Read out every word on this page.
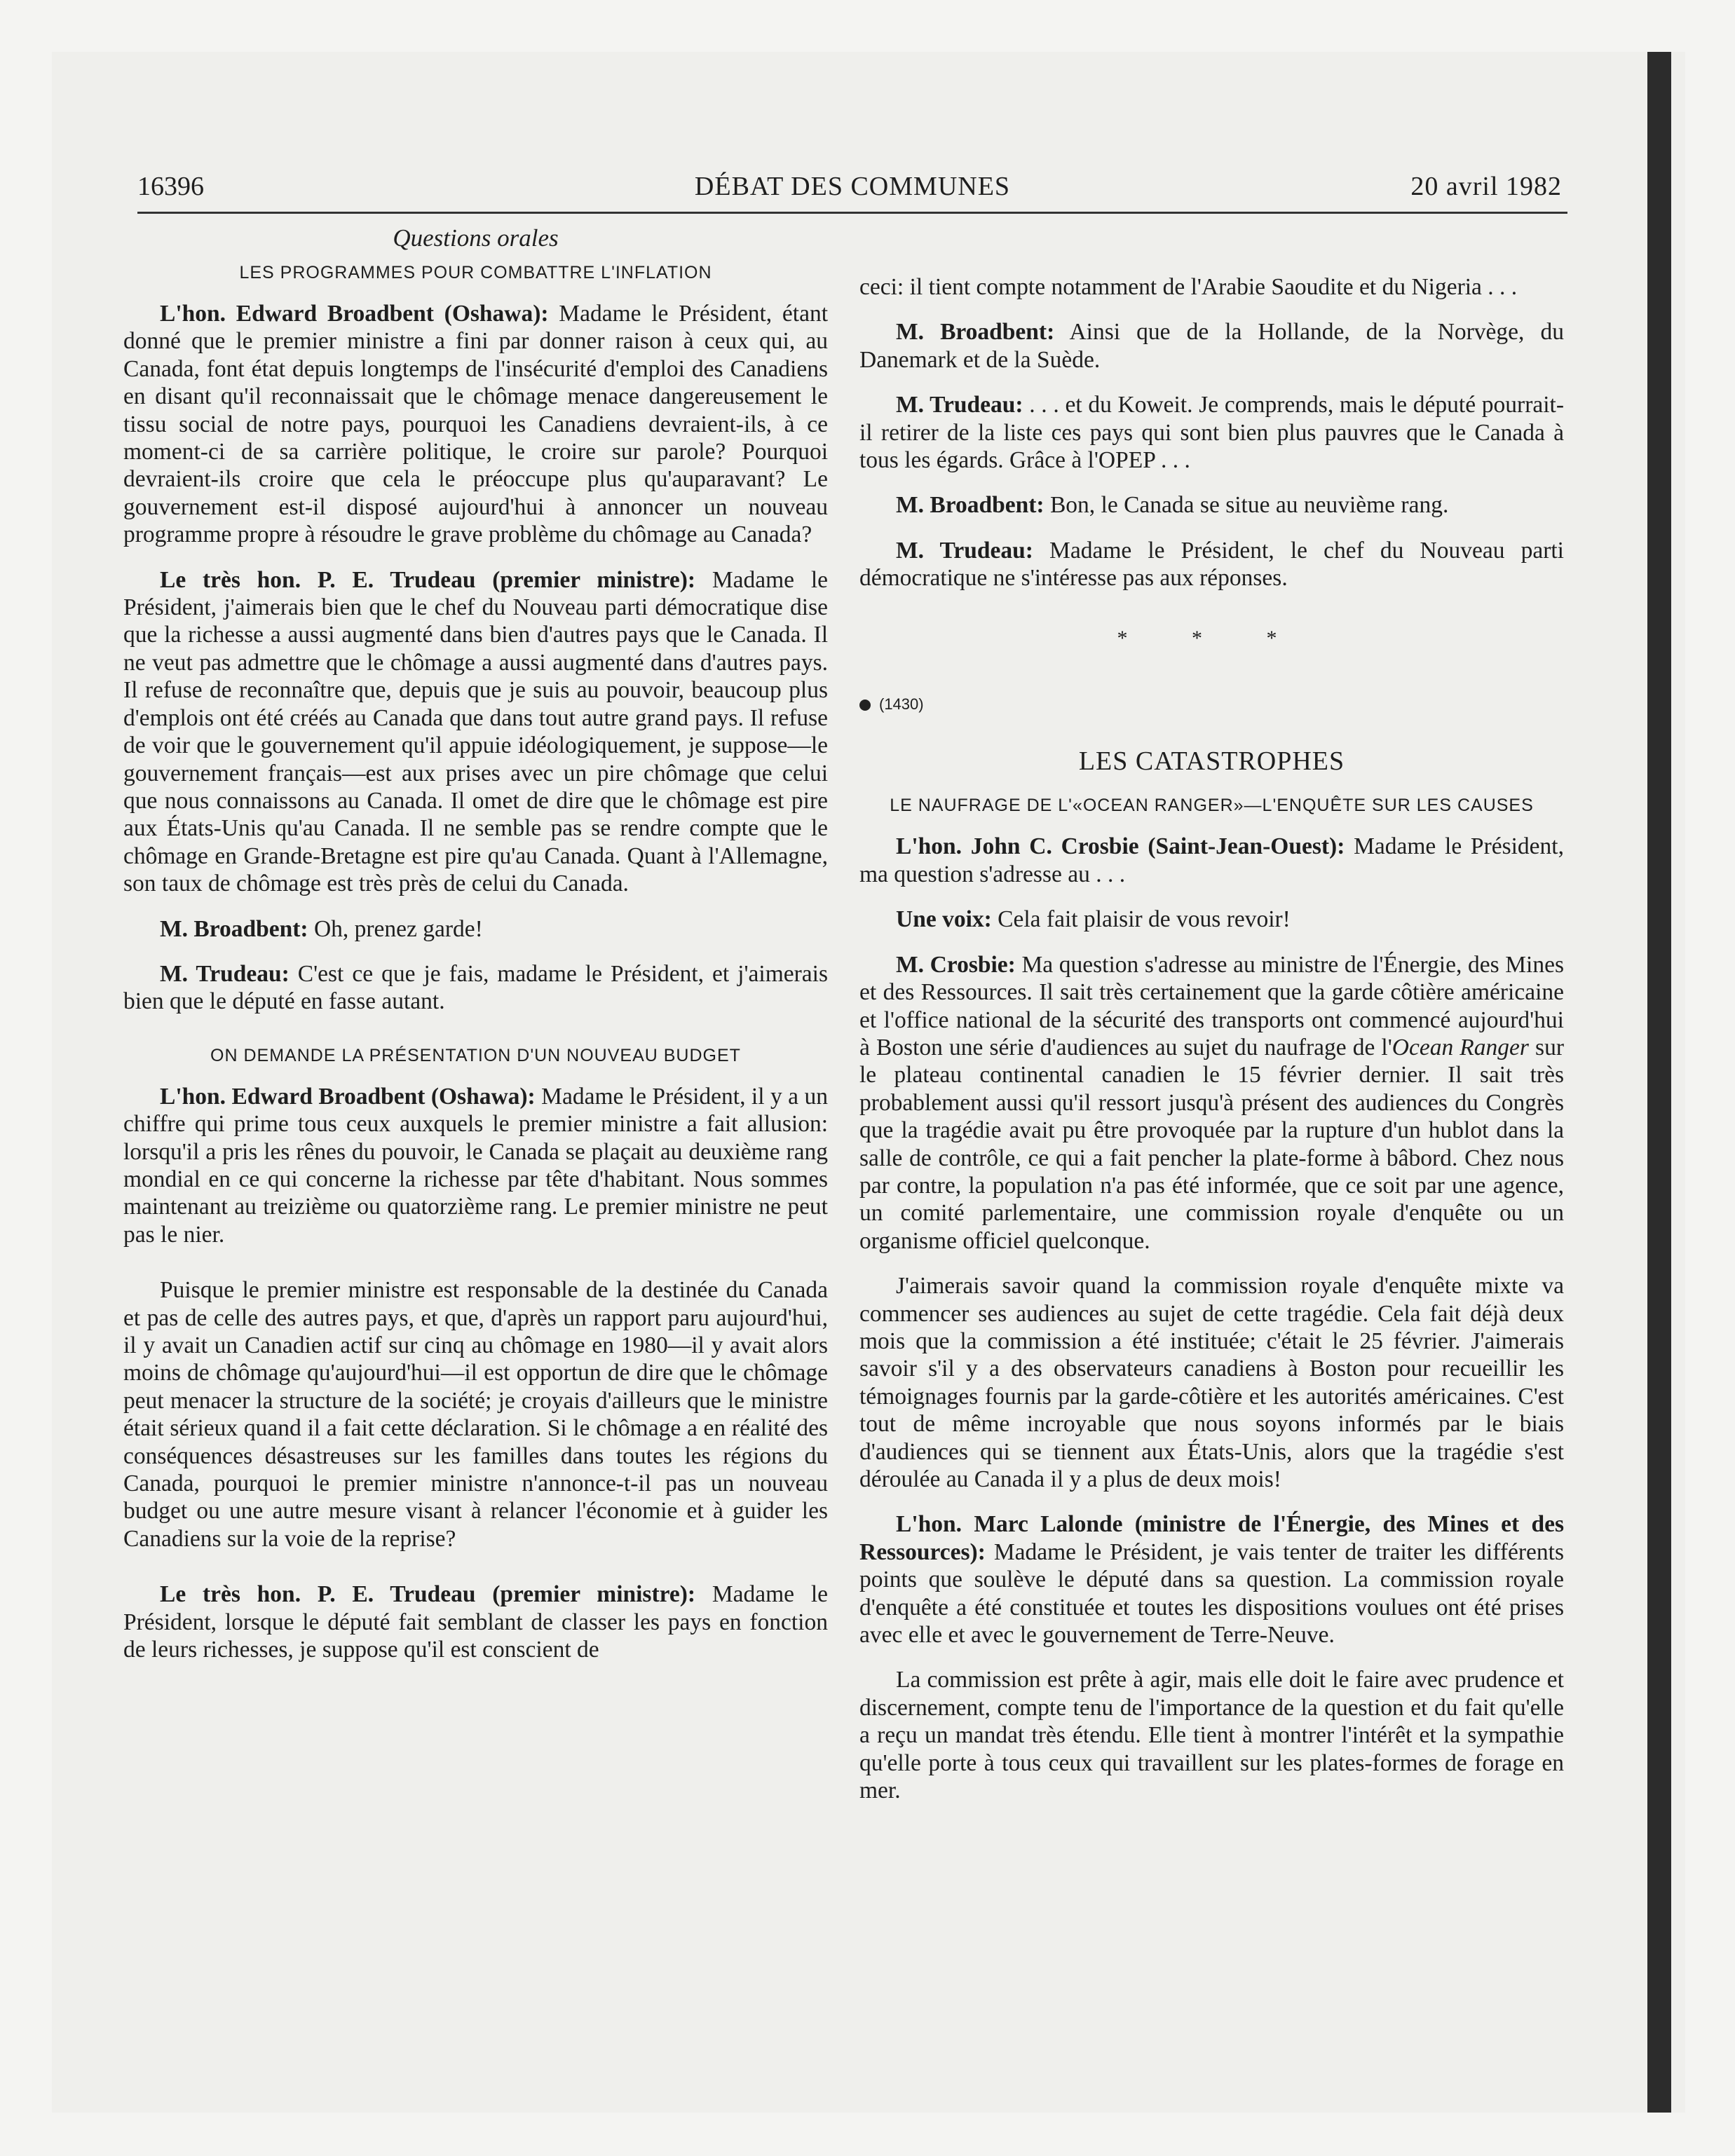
16396	DÉBAT DES COMMUNES	20 avril 1982
Questions orales
LES PROGRAMMES POUR COMBATTRE L'INFLATION

L'hon. Edward Broadbent (Oshawa): Madame le Président, étant donné que le premier ministre a fini par donner raison à ceux qui, au Canada, font état depuis longtemps de l'insécurité d'emploi des Canadiens en disant qu'il reconnaissait que le chômage menace dangereusement le tissu social de notre pays, pourquoi les Canadiens devraient-ils, à ce moment-ci de sa carrière politique, le croire sur parole? Pourquoi devraient-ils croire que cela le préoccupe plus qu'auparavant? Le gouvernement est-il disposé aujourd'hui à annoncer un nouveau programme propre à résoudre le grave problème du chômage au Canada?

Le très hon. P. E. Trudeau (premier ministre): Madame le Président, j'aimerais bien que le chef du Nouveau parti démocratique dise que la richesse a aussi augmenté dans bien d'autres pays que le Canada. Il ne veut pas admettre que le chômage a aussi augmenté dans d'autres pays. Il refuse de reconnaître que, depuis que je suis au pouvoir, beaucoup plus d'emplois ont été créés au Canada que dans tout autre grand pays. Il refuse de voir que le gouvernement qu'il appuie idéologiquement, je suppose—le gouvernement français—est aux prises avec un pire chômage que celui que nous connaissons au Canada. Il omet de dire que le chômage est pire aux États-Unis qu'au Canada. Il ne semble pas se rendre compte que le chômage en Grande-Bretagne est pire qu'au Canada. Quant à l'Allemagne, son taux de chômage est très près de celui du Canada.

M. Broadbent: Oh, prenez garde!

M. Trudeau: C'est ce que je fais, madame le Président, et j'aimerais bien que le député en fasse autant.

ON DEMANDE LA PRÉSENTATION D'UN NOUVEAU BUDGET

L'hon. Edward Broadbent (Oshawa): Madame le Président, il y a un chiffre qui prime tous ceux auxquels le premier ministre a fait allusion: lorsqu'il a pris les rênes du pouvoir, le Canada se plaçait au deuxième rang mondial en ce qui concerne la richesse par tête d'habitant. Nous sommes maintenant au treizième ou quatorzième rang. Le premier ministre ne peut pas le nier.

Puisque le premier ministre est responsable de la destinée du Canada et pas de celle des autres pays, et que, d'après un rapport paru aujourd'hui, il y avait un Canadien actif sur cinq au chômage en 1980—il y avait alors moins de chômage qu'aujourd'hui—il est opportun de dire que le chômage peut menacer la structure de la société; je croyais d'ailleurs que le ministre était sérieux quand il a fait cette déclaration. Si le chômage a en réalité des conséquences désastreuses sur les familles dans toutes les régions du Canada, pourquoi le premier ministre n'annonce-t-il pas un nouveau budget ou une autre mesure visant à relancer l'économie et à guider les Canadiens sur la voie de la reprise?

Le très hon. P. E. Trudeau (premier ministre): Madame le Président, lorsque le député fait semblant de classer les pays en fonction de leurs richesses, je suppose qu'il est conscient de

ceci: il tient compte notamment de l'Arabie Saoudite et du Nigeria . . .

M. Broadbent: Ainsi que de la Hollande, de la Norvège, du Danemark et de la Suède.

M. Trudeau: . . . et du Koweit. Je comprends, mais le député pourrait-il retirer de la liste ces pays qui sont bien plus pauvres que le Canada à tous les égards. Grâce à l'OPEP . . .

M. Broadbent: Bon, le Canada se situe au neuvième rang.

M. Trudeau: Madame le Président, le chef du Nouveau parti démocratique ne s'intéresse pas aux réponses.

* * *
(1430)
LES CATASTROPHES
LE NAUFRAGE DE L'«OCEAN RANGER»—L'ENQUÊTE SUR LES CAUSES

L'hon. John C. Crosbie (Saint-Jean-Ouest): Madame le Président, ma question s'adresse au . . .

Une voix: Cela fait plaisir de vous revoir!

M. Crosbie: Ma question s'adresse au ministre de l'Énergie, des Mines et des Ressources. Il sait très certainement que la garde côtière américaine et l'office national de la sécurité des transports ont commencé aujourd'hui à Boston une série d'audiences au sujet du naufrage de l'Ocean Ranger sur le plateau continental canadien le 15 février dernier. Il sait très probablement aussi qu'il ressort jusqu'à présent des audiences du Congrès que la tragédie avait pu être provoquée par la rupture d'un hublot dans la salle de contrôle, ce qui a fait pencher la plate-forme à bâbord. Chez nous par contre, la population n'a pas été informée, que ce soit par une agence, un comité parlementaire, une commission royale d'enquête ou un organisme officiel quelconque.

J'aimerais savoir quand la commission royale d'enquête mixte va commencer ses audiences au sujet de cette tragédie. Cela fait déjà deux mois que la commission a été instituée; c'était le 25 février. J'aimerais savoir s'il y a des observateurs canadiens à Boston pour recueillir les témoignages fournis par la garde-côtière et les autorités américaines. C'est tout de même incroyable que nous soyons informés par le biais d'audiences qui se tiennent aux États-Unis, alors que la tragédie s'est déroulée au Canada il y a plus de deux mois!

L'hon. Marc Lalonde (ministre de l'Énergie, des Mines et des Ressources): Madame le Président, je vais tenter de traiter les différents points que soulève le député dans sa question. La commission royale d'enquête a été constituée et toutes les dispositions voulues ont été prises avec elle et avec le gouvernement de Terre-Neuve.

La commission est prête à agir, mais elle doit le faire avec prudence et discernement, compte tenu de l'importance de la question et du fait qu'elle a reçu un mandat très étendu. Elle tient à montrer l'intérêt et la sympathie qu'elle porte à tous ceux qui travaillent sur les plates-formes de forage en mer.
